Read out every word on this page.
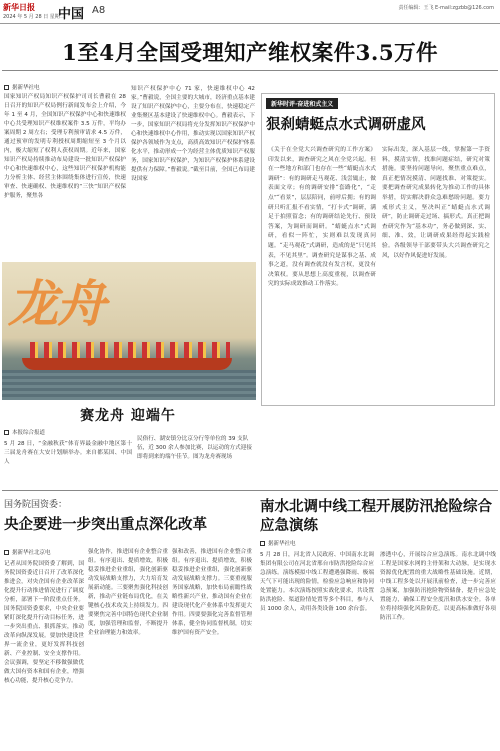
新华日报
2024 年 5 月 28 日 星期二
中国 A8	责任编辑：王飞 E-mail:zgzbb@126.com
1至4月全国受理知产维权案件3.5万件
据新华社电
国家知识产权局知识产权保护司司长曹毅在 28 日召开的知识产权局例行新闻发布会上介绍，今年 1 至 4 月，全国知识产权保护中心和快速维权中心共受理知识产权维权案件 3.5 万件，平均办案周期 2 周左右；受理专利预审请求 4.5 万件，通过预审的发明专利授权周期缩短至 3 个月以内，极大缩短了权利人获权周期。近年来，国家知识产权局持续推动布局建设一批知识产权保护中心和快速维权中心，这些知识产权保护机构能力分析主体、经营主体围绕集体进行宣传，快速审查、快速确权、快速维权的“三快”知识产权保护服务，聚焦各
知识产权保护中心 71 家，快速维权中心 42 家。”曹毅说，全国主要的大城市，经济重点基本建设了知识产权保护中心，主要分布在，快速稳定产业集聚区基本建设了快速维权中心。曹毅表示，下一步，国家知识产权局将充分发挥知识产权保护中心和快速维权中心作用，推动实现以国家知识产权保护各领域作为支点，高质高效知识产权保护体系化水平，推动形成一个为经营主体优质知识产权服务，国家知识产权保护，为知识产权保护体系建设提供有力保障。”曹毅说。”截至目前，全国已布局建设国家
新华时评·奋进和式主义
狠刹蜻蜓点水式调研虚风
《关于在全党大兴调查研究的工作方案》印发以来，调查研究之风在全党兴起。但在一些地方和部门也存在一些“蜻蜓点水式调研”：有的调研走马观花、浅尝辄止，做表面文章；有的调研安排“套路化”，“走点”“看景”，层层陪同，前呼后拥；有的调研只听汇报不看实情，“打卡式”调研，满足于拍照留念；有的调研结论先行、预设答案，为调研而调研。“蜻蜓点水”式调研，看似一阵忙，实则难以发现真问题。“走马观花”式调研，造成的是“只见其表，不见其里”。调查研究是谋事之基、成事之道，没有调查就没有发言权，更没有决策权。要从思想上高度重视，以调查研究的实际成效推动工作落实。
实际出发，深入基层一线，掌握第一手资料，摸清实情，找准问题症结，研究对策措施。要坚持问题导向，聚焦重点难点，真正把情况摸清、问题找准、对策提实。要把调查研究成果转化为推动工作的具体举措，切实解决群众急难愁盼问题。要力戒形式主义，坚决纠正“蜻蜓点水式调研”，防止调研走过场、搞形式。真正把调查研究作为“基本功”，务必做到深、实、细、准、效，让调研成果经得起实践检验。各级领导干部要带头大兴调查研究之风，以好作风促进好发展。
龙舟
赛龙舟 迎端午
本报综合报道
5 月 28 日，“金融秋获”体育界最金融中地区第十三届龙舟赛在大安计划顺举办。来自都某国、中国人
民俗行、湖安镇分比京分行等单位的 39 支队伍，近 300 余人参加比赛，以运动的方式迎接即将到来的端午佳节。图为龙舟赛现场
国务院国资委：
央企要进一步突出重点深化改革
据新华社北京电
记者从国务院国资委了解到，国务院国资委近日召开了改革深化推进会，对央企国有企业改革深化提升行动推进情况进行了调度分析，部署下一阶段重点任务。国务院国资委要求，中央企业要紧盯深化提升行动目标任务，进一步突出重点、狠抓落实，推动改革向纵深发展。要加快建设世界一流企业，更好发挥科技创新、产业控制、安全支撑作用。会议强调，要坚定不移做强做优做大国有资本和国有企业，增强核心功能，提升核心竞争力。
强化协作，推进国有企业整合重组。有序退出、提质增效，积极稳妥推进企业重组，强化创新驱动发展战略支撑力，大力培育发展新动能。三要聚焦强化科技创新，推动产业链布局优化，在关键核心技术攻关上持续发力。四要聚焦完善中国特色现代企业制度，加强管理和监督，不断提升企业治理能力和效率。
强和改善，推进国有企业整合重组。有序退出、提质增效，积极稳妥推进企业重组，强化创新驱动发展战略支撑力。三要重视服务国家战略，加快布局前瞻性战略性新兴产业，推动国有企业在建设现代化产业体系中发挥更大作用。四要要强化完善监督管理体系，健全协同监督机制，切实维护国有资产安全。
南水北调中线工程开展防汛抢险综合应急演练
据新华社电
5 月 28 日，河北省人民政府、中国南水北调集团有限公司在河北省邢台市防洪抢险综合应急演练。演练模拟中线工程遭遇强降雨、极端天气下可能出现的险情，检验应急响应和协同处置能力。本次演练按照实战化要求，共设置防洪抢险、渠道险情处置等多个科目，参与人员 1000 余人，动用各类设备 100 余台套。
渗透中心，开展综合应急演练。南水北调中线工程是国家水网的主骨架和大动脉，是实现水资源优化配置的重大战略性基础设施。近期，中线工程多处以开展汛前检查，进一步完善应急预案，加强防汛抢险物资储备，提升应急处置能力，确保工程安全度汛和供水安全。各单位将持续强化风险防范，以更高标准做好各项防汛工作。
